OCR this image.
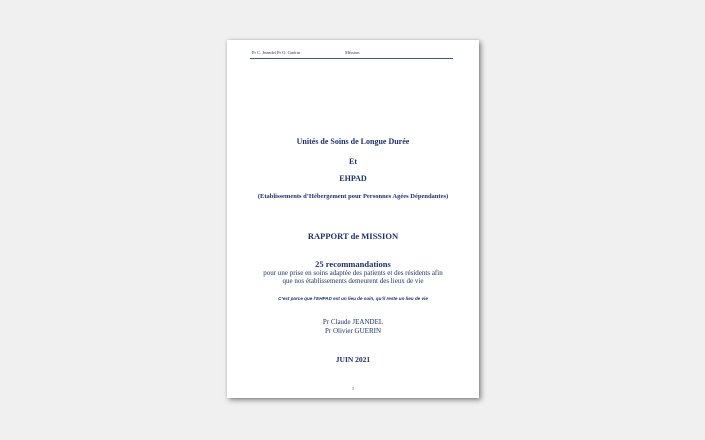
Pr C. Jeandel Pr O. Guérin	Mission
Unités de Soins de Longue Durée
Et
EHPAD
(Etablissements d’Hébergement pour Personnes Agées Dépendantes)
RAPPORT de MISSION
25 recommandations
pour une prise en soins adaptée des patients et des résidents afin
que nos établissements demeurent des lieux de vie
C’est parce que l’EHPAD est un lieu de soin, qu’il reste un lieu de vie
Pr Claude JEANDEL
Pr Olivier GUERIN
JUIN 2021
1
